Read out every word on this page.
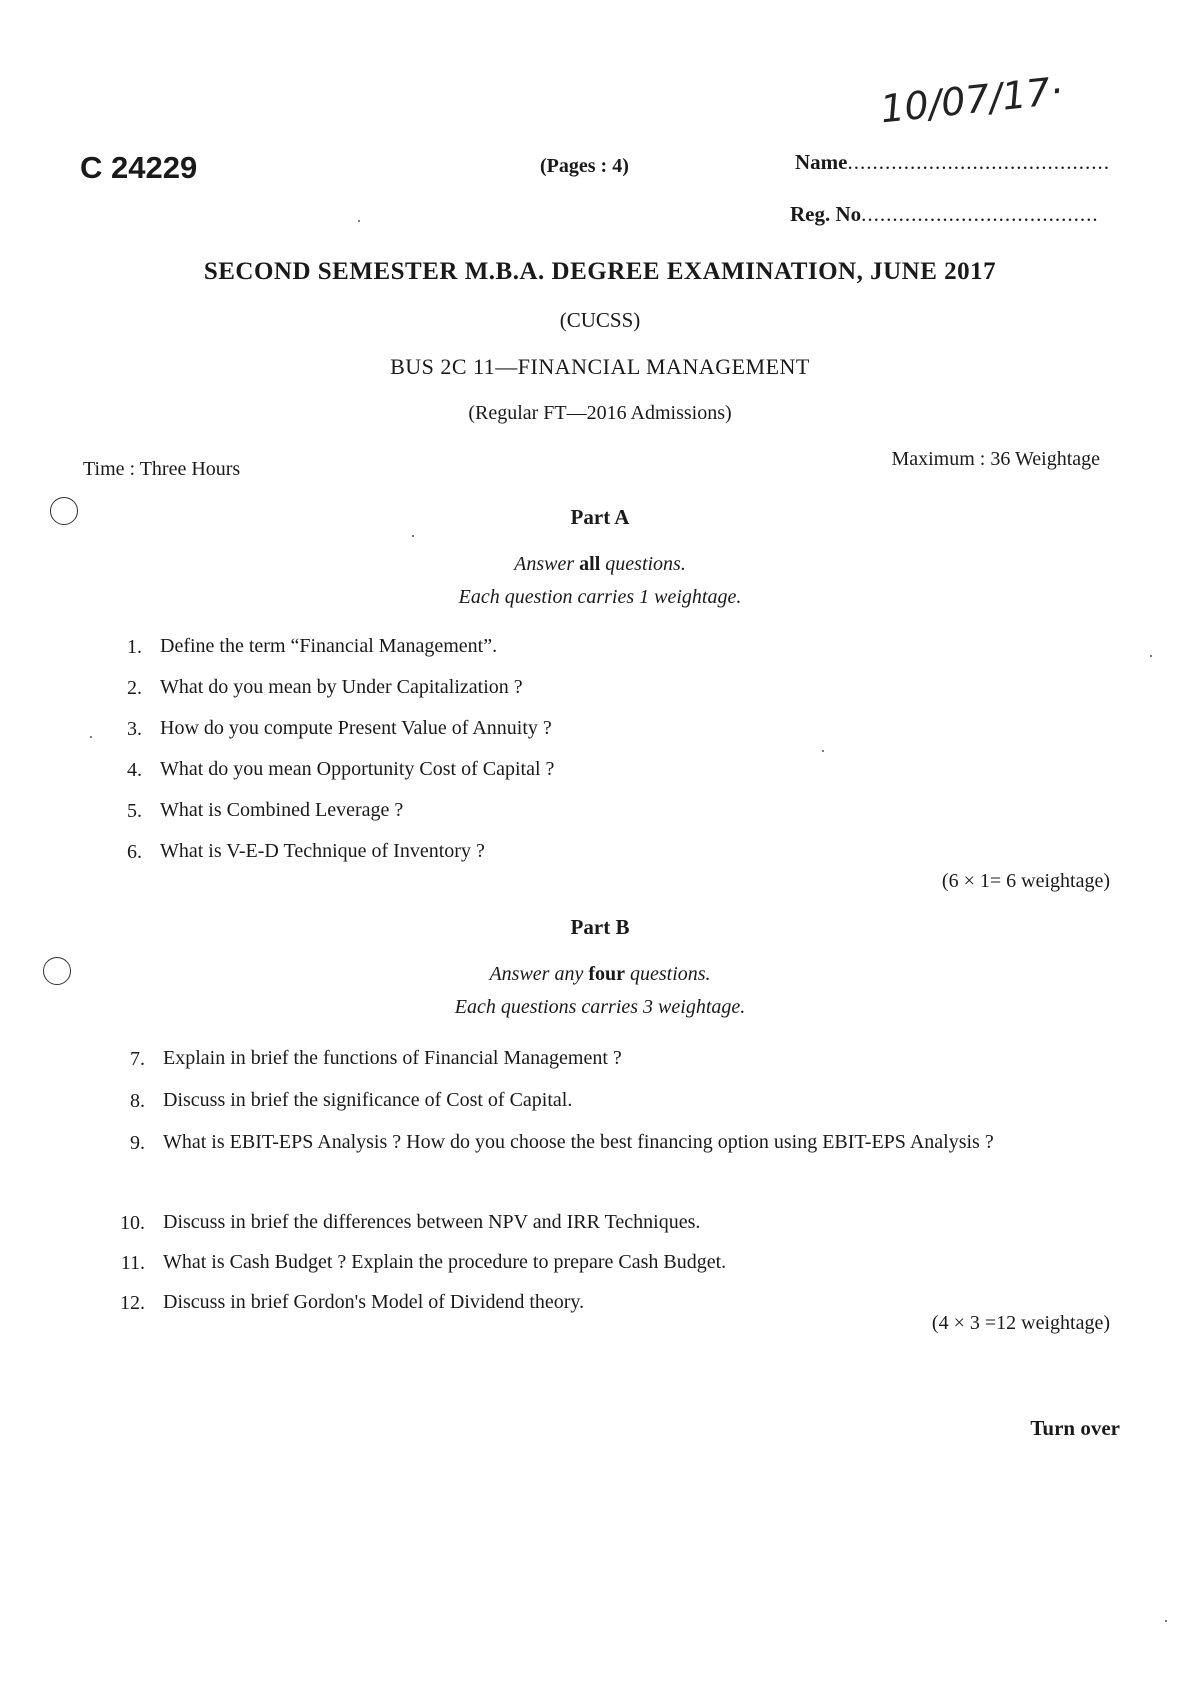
10/07/17·
C 24229	(Pages : 4)	Name..........................................
Reg. No......................................
SECOND SEMESTER M.B.A. DEGREE EXAMINATION, JUNE 2017
(CUCSS)
BUS 2C 11—FINANCIAL MANAGEMENT
(Regular FT—2016 Admissions)
Time : Three Hours	Maximum : 36 Weightage
Part A
Answer all questions.
Each question carries 1 weightage.
1. Define the term “Financial Management”.
2. What do you mean by Under Capitalization ?
3. How do you compute Present Value of Annuity ?
4. What do you mean Opportunity Cost of Capital ?
5. What is Combined Leverage ?
6. What is V-E-D Technique of Inventory ?
(6 × 1= 6 weightage)
Part B
Answer any four questions.
Each questions carries 3 weightage.
7. Explain in brief the functions of Financial Management ?
8. Discuss in brief the significance of Cost of Capital.
9. What is EBIT-EPS Analysis ? How do you choose the best financing option using EBIT-EPS Analysis ?
10. Discuss in brief the differences between NPV and IRR Techniques.
11. What is Cash Budget ? Explain the procedure to prepare Cash Budget.
12. Discuss in brief Gordon's Model of Dividend theory.
(4 × 3 =12 weightage)
Turn over
